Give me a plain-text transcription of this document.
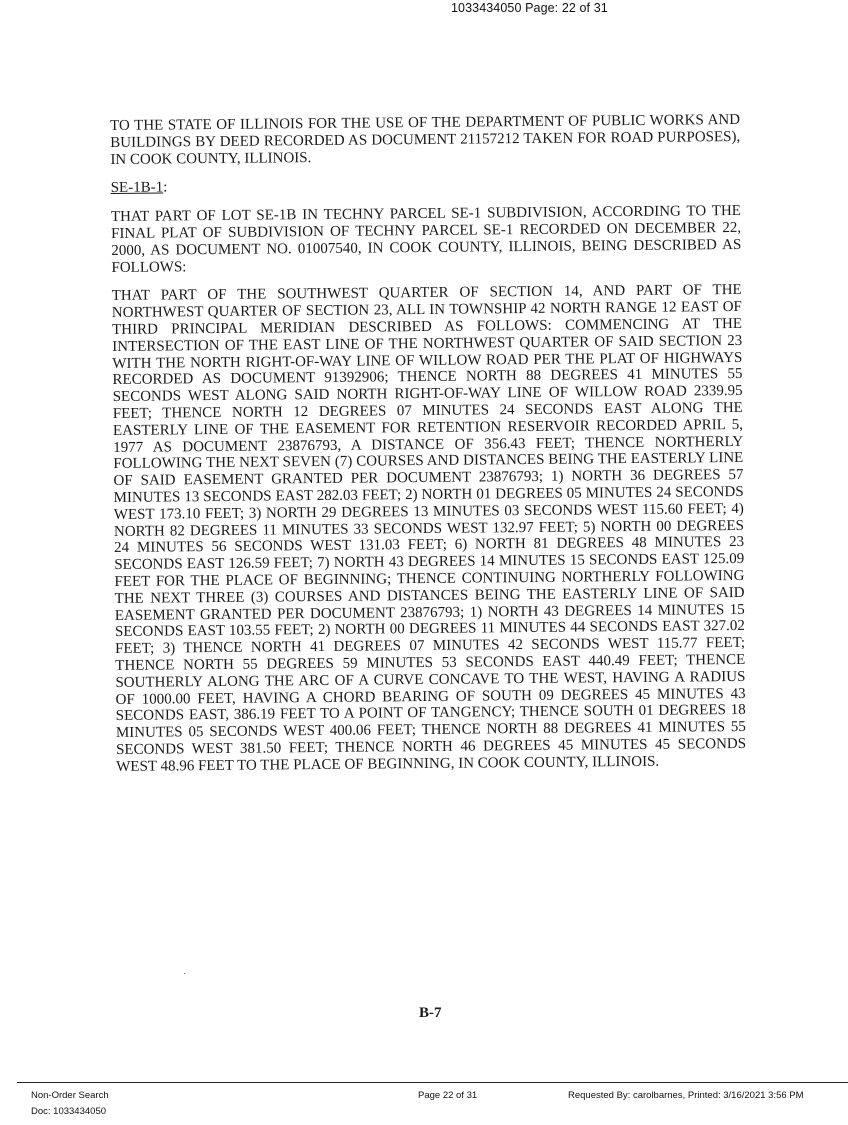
1033434050 Page: 22 of 31

TO THE STATE OF ILLINOIS FOR THE USE OF THE DEPARTMENT OF PUBLIC WORKS AND BUILDINGS BY DEED RECORDED AS DOCUMENT 21157212 TAKEN FOR ROAD PURPOSES), IN COOK COUNTY, ILLINOIS.

SE-1B-1:

THAT PART OF LOT SE-1B IN TECHNY PARCEL SE-1 SUBDIVISION, ACCORDING TO THE FINAL PLAT OF SUBDIVISION OF TECHNY PARCEL SE-1 RECORDED ON DECEMBER 22, 2000, AS DOCUMENT NO. 01007540, IN COOK COUNTY, ILLINOIS, BEING DESCRIBED AS FOLLOWS:

THAT PART OF THE SOUTHWEST QUARTER OF SECTION 14, AND PART OF THE NORTHWEST QUARTER OF SECTION 23, ALL IN TOWNSHIP 42 NORTH RANGE 12 EAST OF THIRD PRINCIPAL MERIDIAN DESCRIBED AS FOLLOWS: COMMENCING AT THE INTERSECTION OF THE EAST LINE OF THE NORTHWEST QUARTER OF SAID SECTION 23 WITH THE NORTH RIGHT-OF-WAY LINE OF WILLOW ROAD PER THE PLAT OF HIGHWAYS RECORDED AS DOCUMENT 91392906; THENCE NORTH 88 DEGREES 41 MINUTES 55 SECONDS WEST ALONG SAID NORTH RIGHT-OF-WAY LINE OF WILLOW ROAD 2339.95 FEET; THENCE NORTH 12 DEGREES 07 MINUTES 24 SECONDS EAST ALONG THE EASTERLY LINE OF THE EASEMENT FOR RETENTION RESERVOIR RECORDED APRIL 5, 1977 AS DOCUMENT 23876793, A DISTANCE OF 356.43 FEET; THENCE NORTHERLY FOLLOWING THE NEXT SEVEN (7) COURSES AND DISTANCES BEING THE EASTERLY LINE OF SAID EASEMENT GRANTED PER DOCUMENT 23876793; 1) NORTH 36 DEGREES 57 MINUTES 13 SECONDS EAST 282.03 FEET; 2) NORTH 01 DEGREES 05 MINUTES 24 SECONDS WEST 173.10 FEET; 3) NORTH 29 DEGREES 13 MINUTES 03 SECONDS WEST 115.60 FEET; 4) NORTH 82 DEGREES 11 MINUTES 33 SECONDS WEST 132.97 FEET; 5) NORTH 00 DEGREES 24 MINUTES 56 SECONDS WEST 131.03 FEET; 6) NORTH 81 DEGREES 48 MINUTES 23 SECONDS EAST 126.59 FEET; 7) NORTH 43 DEGREES 14 MINUTES 15 SECONDS EAST 125.09 FEET FOR THE PLACE OF BEGINNING; THENCE CONTINUING NORTHERLY FOLLOWING THE NEXT THREE (3) COURSES AND DISTANCES BEING THE EASTERLY LINE OF SAID EASEMENT GRANTED PER DOCUMENT 23876793; 1) NORTH 43 DEGREES 14 MINUTES 15 SECONDS EAST 103.55 FEET; 2) NORTH 00 DEGREES 11 MINUTES 44 SECONDS EAST 327.02 FEET; 3) THENCE NORTH 41 DEGREES 07 MINUTES 42 SECONDS WEST 115.77 FEET; THENCE NORTH 55 DEGREES 59 MINUTES 53 SECONDS EAST 440.49 FEET; THENCE SOUTHERLY ALONG THE ARC OF A CURVE CONCAVE TO THE WEST, HAVING A RADIUS OF 1000.00 FEET, HAVING A CHORD BEARING OF SOUTH 09 DEGREES 45 MINUTES 43 SECONDS EAST, 386.19 FEET TO A POINT OF TANGENCY; THENCE SOUTH 01 DEGREES 18 MINUTES 05 SECONDS WEST 400.06 FEET; THENCE NORTH 88 DEGREES 41 MINUTES 55 SECONDS WEST 381.50 FEET; THENCE NORTH 46 DEGREES 45 MINUTES 45 SECONDS WEST 48.96 FEET TO THE PLACE OF BEGINNING, IN COOK COUNTY, ILLINOIS.

B-7
Non-Order Search
Doc: 1033434050
Page 22 of 31	Requested By: carolbarnes, Printed: 3/16/2021 3:56 PM
